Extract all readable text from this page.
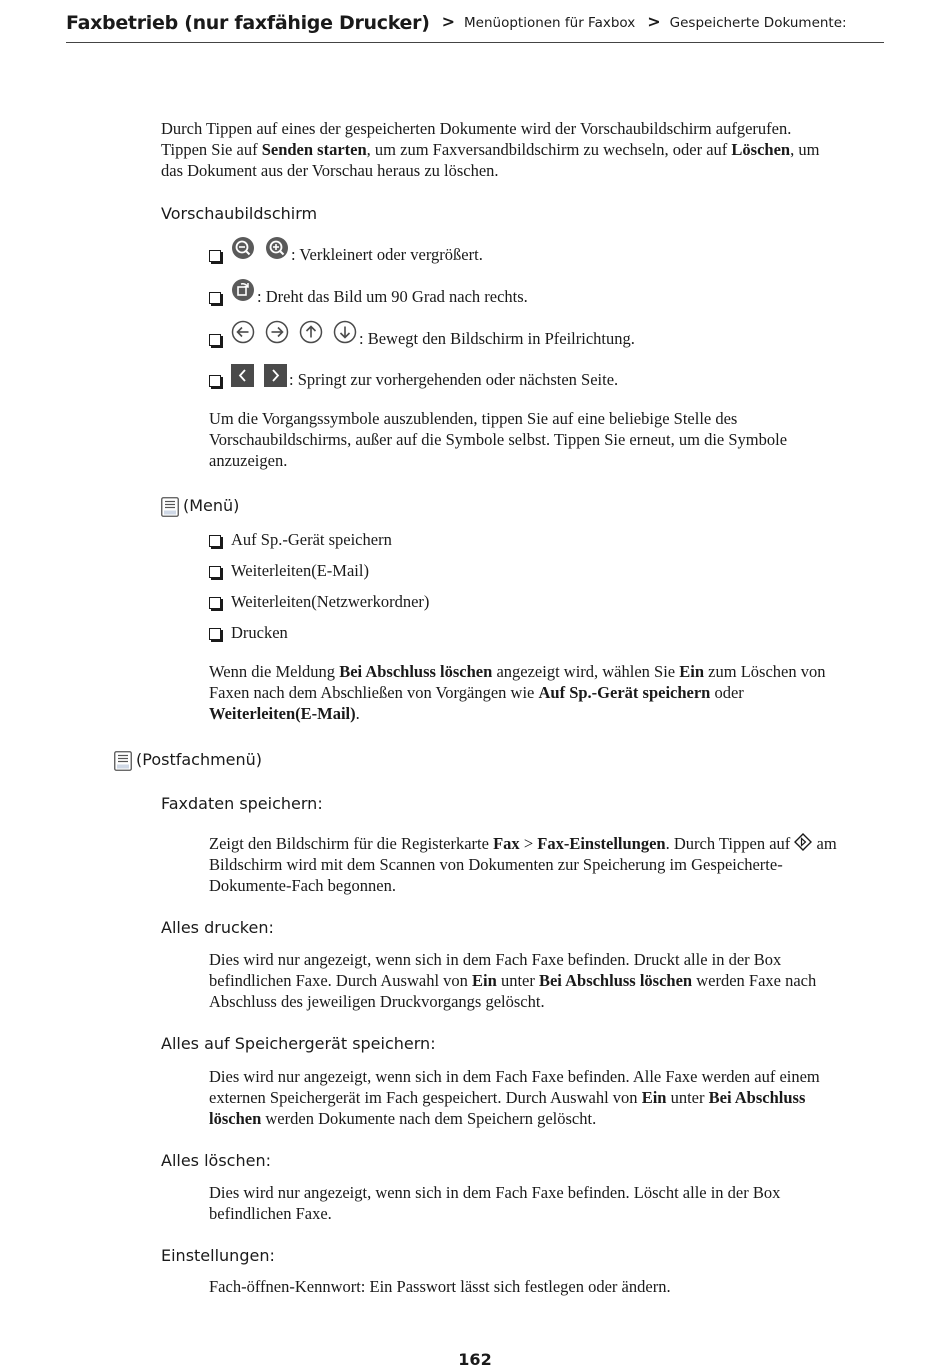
Faxbetrieb (nur faxfähige Drucker) > Menüoptionen für Faxbox > Gespeicherte Dokumente:
Durch Tippen auf eines der gespeicherten Dokumente wird der Vorschaubildschirm aufgerufen.
Tippen Sie auf Senden starten, um zum Faxversandbildschirm zu wechseln, oder auf Löschen, um
das Dokument aus der Vorschau heraus zu löschen.
Vorschaubildschirm
: Verkleinert oder vergrößert.
: Dreht das Bild um 90 Grad nach rechts.
: Bewegt den Bildschirm in Pfeilrichtung.
: Springt zur vorhergehenden oder nächsten Seite.
Um die Vorgangssymbole auszublenden, tippen Sie auf eine beliebige Stelle des
Vorschaubildschirms, außer auf die Symbole selbst. Tippen Sie erneut, um die Symbole
anzuzeigen.
(Menü)
Auf Sp.-Gerät speichern
Weiterleiten(E-Mail)
Weiterleiten(Netzwerkordner)
Drucken
Wenn die Meldung Bei Abschluss löschen angezeigt wird, wählen Sie Ein zum Löschen von
Faxen nach dem Abschließen von Vorgängen wie Auf Sp.-Gerät speichern oder
Weiterleiten(E-Mail).
(Postfachmenü)
Faxdaten speichern:
Zeigt den Bildschirm für die Registerkarte Fax > Fax-Einstellungen. Durch Tippen auf  am
Bildschirm wird mit dem Scannen von Dokumenten zur Speicherung im Gespeicherte-
Dokumente-Fach begonnen.
Alles drucken:
Dies wird nur angezeigt, wenn sich in dem Fach Faxe befinden. Druckt alle in der Box
befindlichen Faxe. Durch Auswahl von Ein unter Bei Abschluss löschen werden Faxe nach
Abschluss des jeweiligen Druckvorgangs gelöscht.
Alles auf Speichergerät speichern:
Dies wird nur angezeigt, wenn sich in dem Fach Faxe befinden. Alle Faxe werden auf einem
externen Speichergerät im Fach gespeichert. Durch Auswahl von Ein unter Bei Abschluss
löschen werden Dokumente nach dem Speichern gelöscht.
Alles löschen:
Dies wird nur angezeigt, wenn sich in dem Fach Faxe befinden. Löscht alle in der Box
befindlichen Faxe.
Einstellungen:
Fach-öffnen-Kennwort: Ein Passwort lässt sich festlegen oder ändern.
162
